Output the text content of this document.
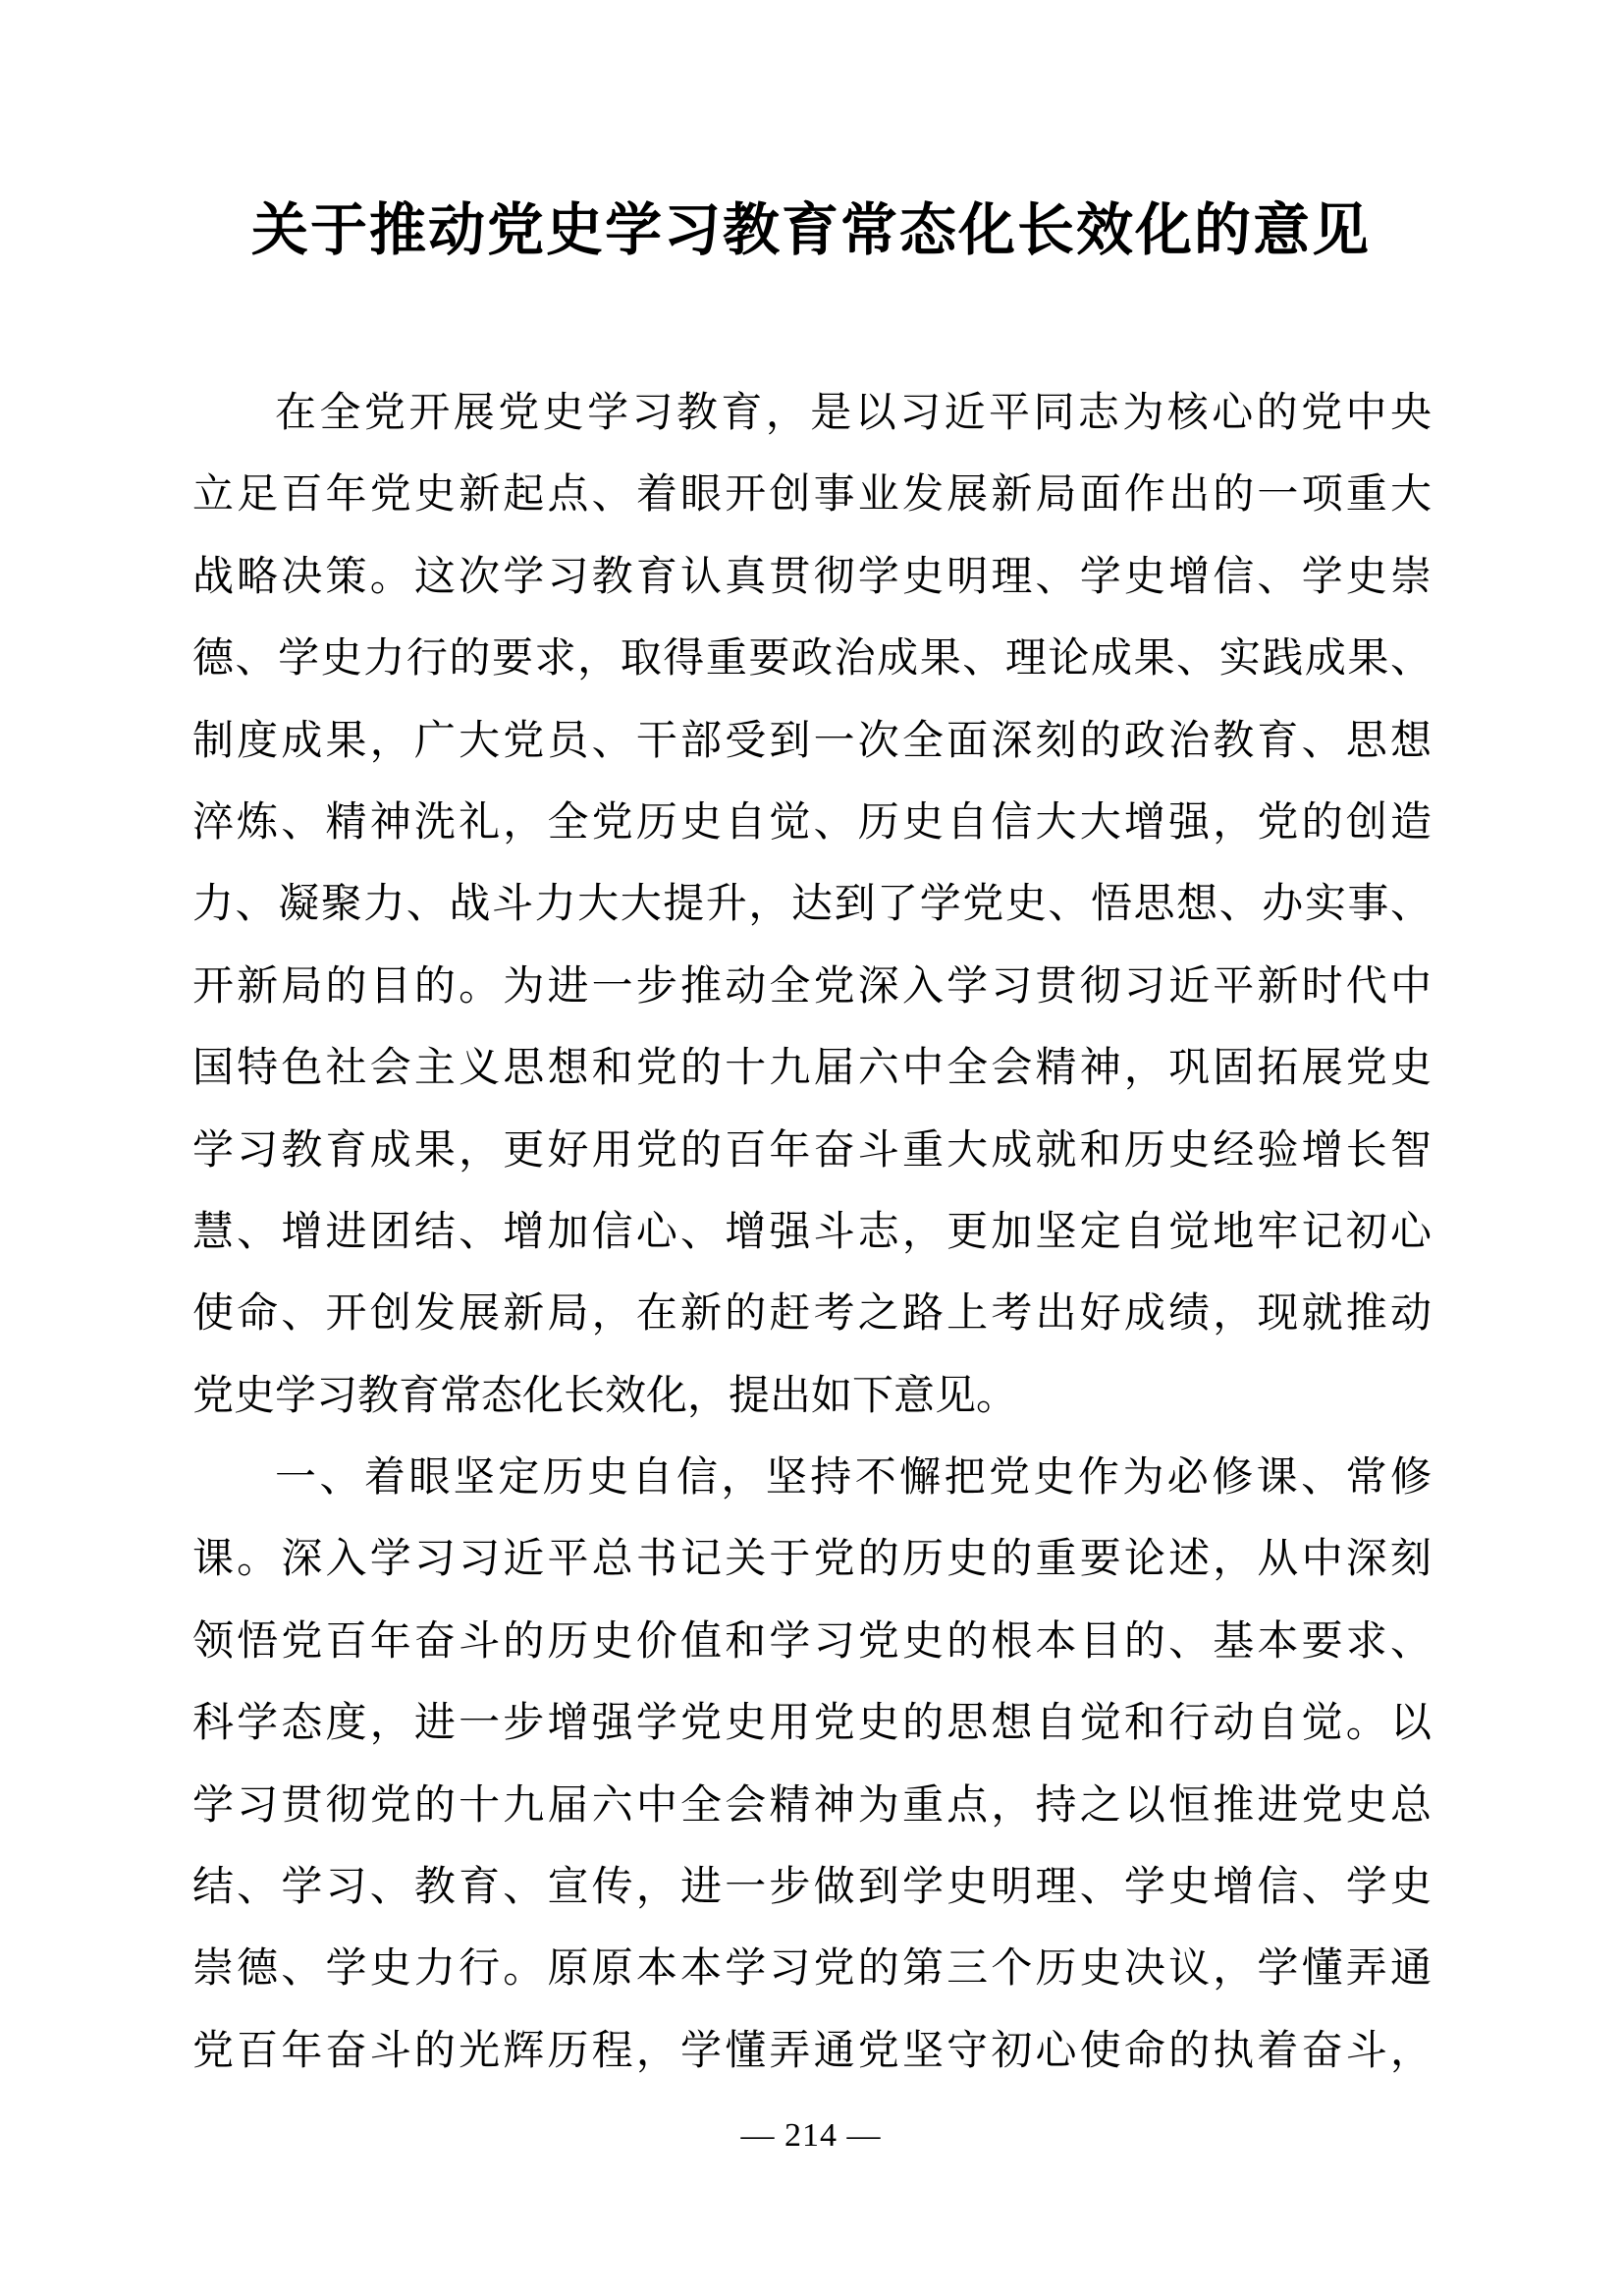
关于推动党史学习教育常态化长效化的意见
在全党开展党史学习教育，是以习近平同志为核心的党中央
立足百年党史新起点、着眼开创事业发展新局面作出的一项重大
战略决策。这次学习教育认真贯彻学史明理、学史增信、学史崇
德、学史力行的要求，取得重要政治成果、理论成果、实践成果、
制度成果，广大党员、干部受到一次全面深刻的政治教育、思想
淬炼、精神洗礼，全党历史自觉、历史自信大大增强，党的创造
力、凝聚力、战斗力大大提升，达到了学党史、悟思想、办实事、
开新局的目的。为进一步推动全党深入学习贯彻习近平新时代中
国特色社会主义思想和党的十九届六中全会精神，巩固拓展党史
学习教育成果，更好用党的百年奋斗重大成就和历史经验增长智
慧、增进团结、增加信心、增强斗志，更加坚定自觉地牢记初心
使命、开创发展新局，在新的赶考之路上考出好成绩，现就推动
党史学习教育常态化长效化，提出如下意见。
一、着眼坚定历史自信，坚持不懈把党史作为必修课、常修
课。深入学习习近平总书记关于党的历史的重要论述，从中深刻
领悟党百年奋斗的历史价值和学习党史的根本目的、基本要求、
科学态度，进一步增强学党史用党史的思想自觉和行动自觉。以
学习贯彻党的十九届六中全会精神为重点，持之以恒推进党史总
结、学习、教育、宣传，进一步做到学史明理、学史增信、学史
崇德、学史力行。原原本本学习党的第三个历史决议，学懂弄通
党百年奋斗的光辉历程，学懂弄通党坚守初心使命的执着奋斗，
— 214 —
